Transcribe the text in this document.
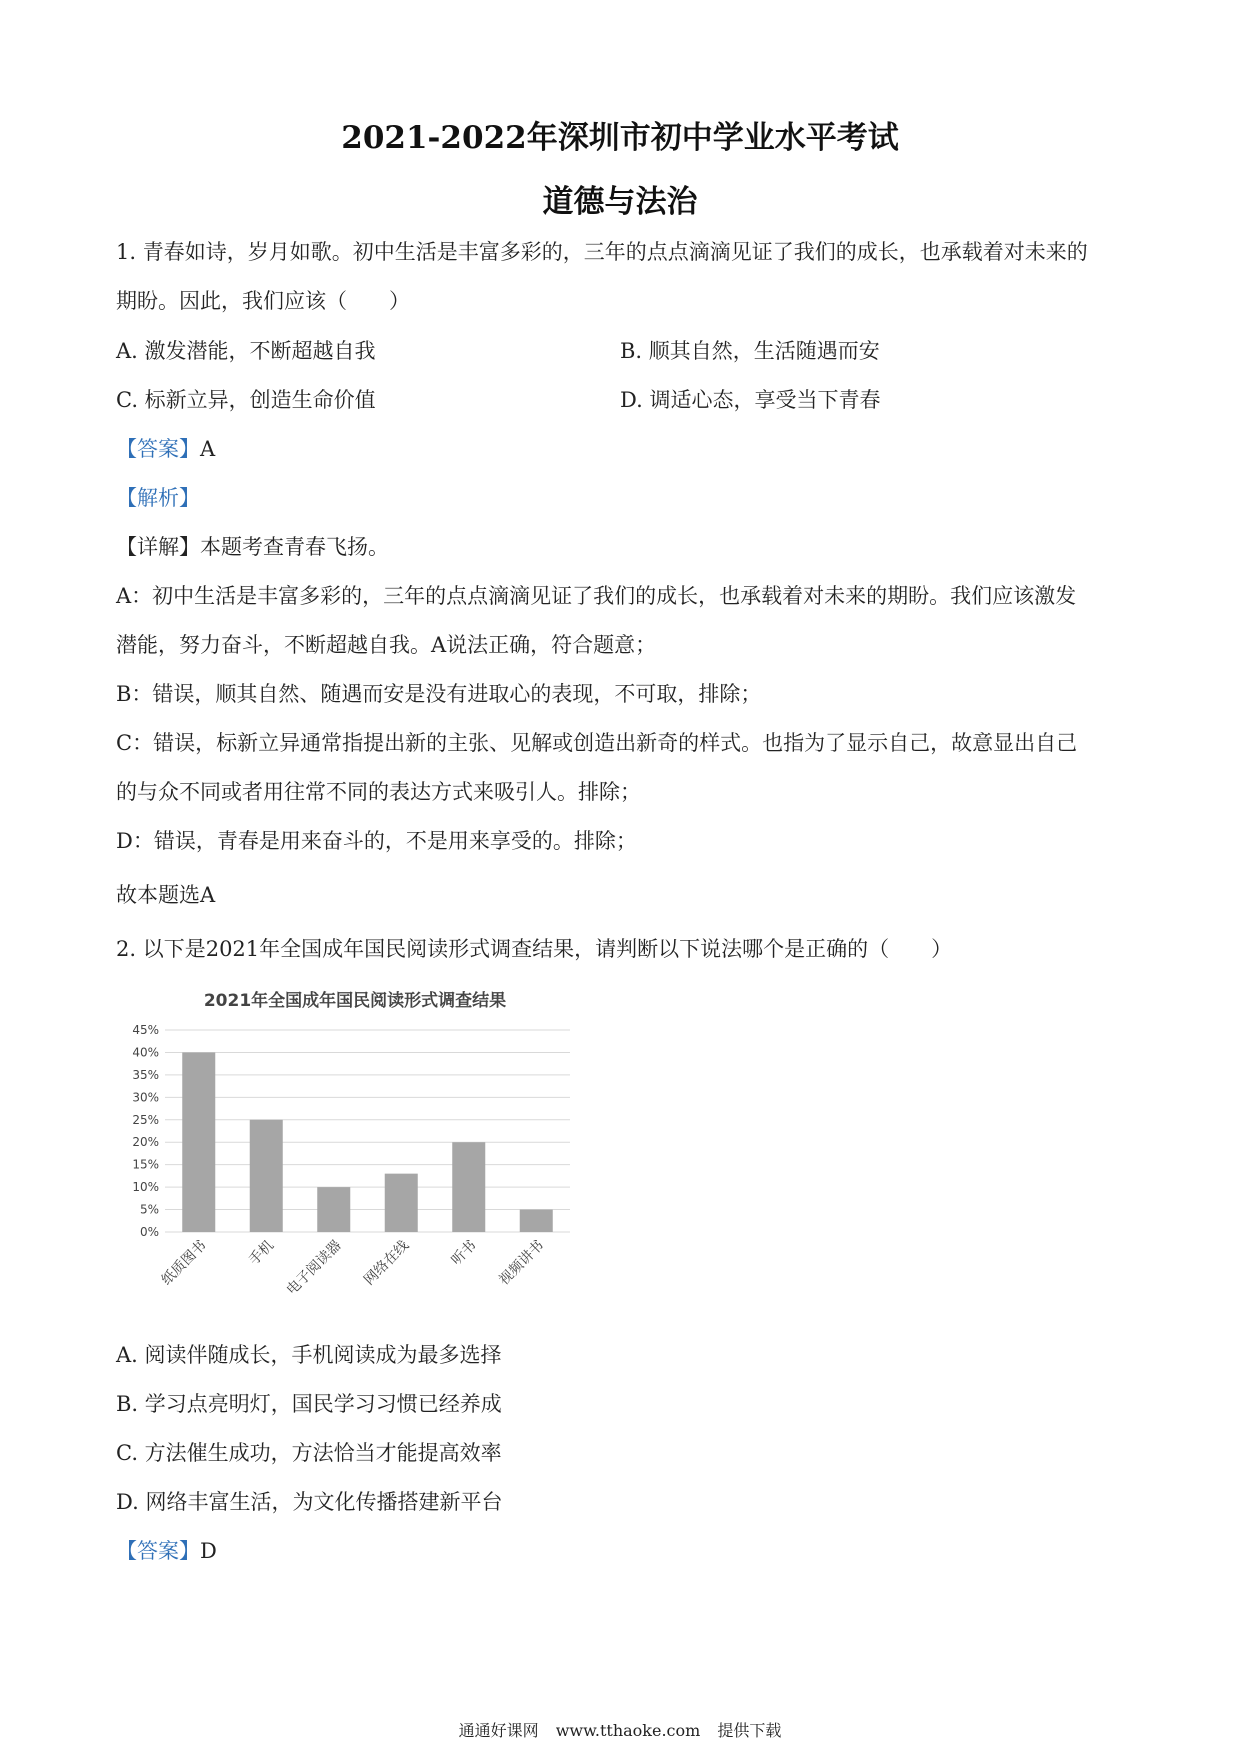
2021-2022年深圳市初中学业水平考试
道德与法治
1. 青春如诗，岁月如歌。初中生活是丰富多彩的，三年的点点滴滴见证了我们的成长，也承载着对未来的
期盼。因此，我们应该（　　）
A. 激发潜能，不断超越自我	B. 顺其自然，生活随遇而安
C. 标新立异，创造生命价值	D. 调适心态，享受当下青春
【答案】A
【解析】
【详解】本题考查青春飞扬。
A：初中生活是丰富多彩的，三年的点点滴滴见证了我们的成长，也承载着对未来的期盼。我们应该激发
潜能，努力奋斗，不断超越自我。A说法正确，符合题意；
B：错误，顺其自然、随遇而安是没有进取心的表现，不可取，排除；
C：错误，标新立异通常指提出新的主张、见解或创造出新奇的样式。也指为了显示自己，故意显出自己
的与众不同或者用往常不同的表达方式来吸引人。排除；
D：错误，青春是用来奋斗的，不是用来享受的。排除；
故本题选A
2. 以下是2021年全国成年国民阅读形式调查结果，请判断以下说法哪个是正确的（　　）
2021年全国成年国民阅读形式调查结果
0%
5%
10%
15%
20%
25%
30%
35%
40%
45%
纸质图书	手机 电子阅读器 网络在线	听书 视频讲书
A. 阅读伴随成长，手机阅读成为最多选择
B. 学习点亮明灯，国民学习习惯已经养成
C. 方法催生成功，方法恰当才能提高效率
D. 网络丰富生活，为文化传播搭建新平台
【答案】D
通通好课网 www.tthaoke.com 提供下载
